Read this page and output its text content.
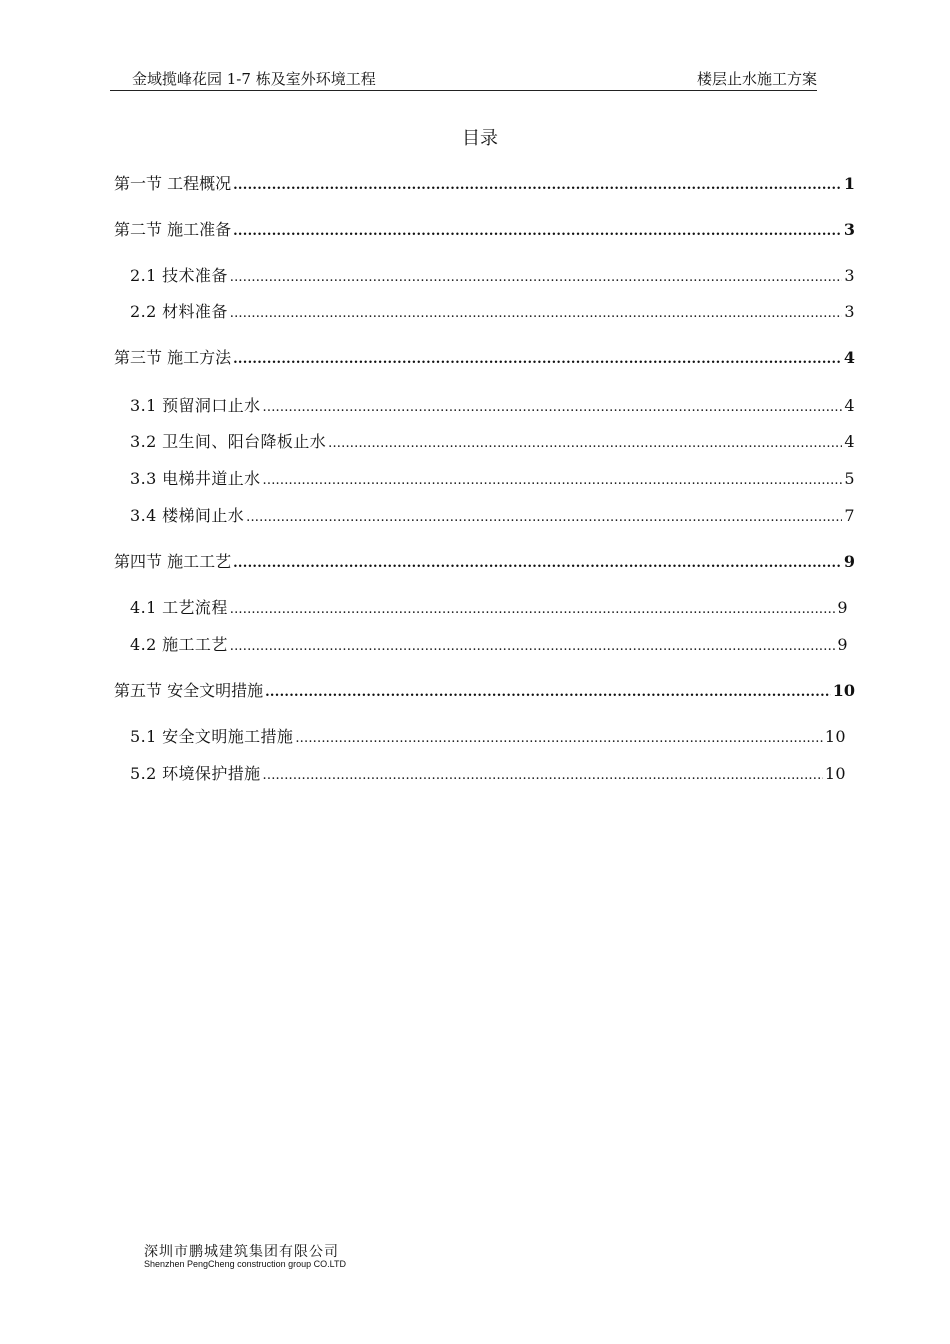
金域揽峰花园 1-7 栋及室外环境工程	楼层止水施工方案
目录
第一节 工程概况 .....	1
第二节 施工准备 .....	3
2.1 技术准备 .....	3
2.2 材料准备 .....	3
第三节 施工方法 .....	4
3.1 预留洞口止水 .....	4
3.2 卫生间、阳台降板止水 .....	4
3.3 电梯井道止水 .....	5
3.4 楼梯间止水 .....	7
第四节 施工工艺 .....	9
4.1 工艺流程 .....	9
4.2 施工工艺 .....	9
第五节 安全文明措施 .....	10
5.1 安全文明施工措施 .....	10
5.2 环境保护措施 .....	10
深圳市鹏城建筑集团有限公司
Shenzhen PengCheng construction group CO.LTD
